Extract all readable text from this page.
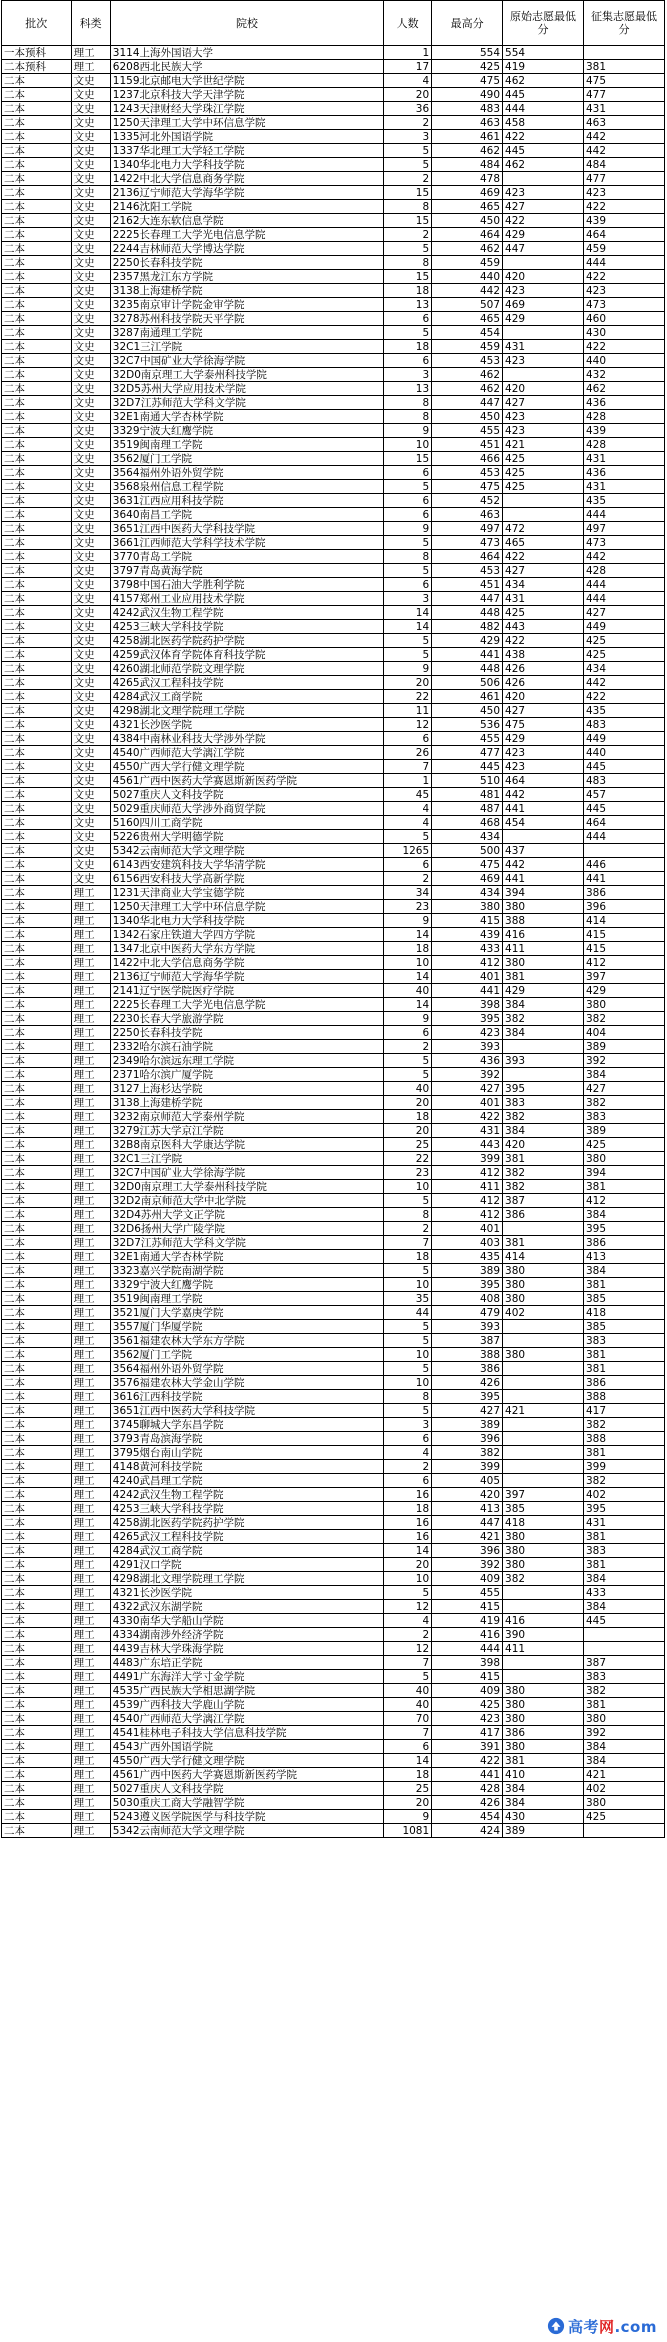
批次	科类	院校	人数	最高分	原始志愿最低分	征集志愿最低分
一本预科	理工	3114上海外国语大学	1	554	554	
二本预科	理工	6208西北民族大学	17	425	419	381
二本	文史	1159北京邮电大学世纪学院	4	475	462	475
二本	文史	1237北京科技大学天津学院	20	490	445	477
二本	文史	1243天津财经大学珠江学院	36	483	444	431
二本	文史	1250天津理工大学中环信息学院	2	463	458	463
二本	文史	1335河北外国语学院	3	461	422	442
二本	文史	1337华北理工大学轻工学院	5	462	445	442
二本	文史	1340华北电力大学科技学院	5	484	462	484
二本	文史	1422中北大学信息商务学院	2	478		477
二本	文史	2136辽宁师范大学海华学院	15	469	423	423
二本	文史	2146沈阳工学院	8	465	427	422
二本	文史	2162大连东软信息学院	15	450	422	439
二本	文史	2225长春理工大学光电信息学院	2	464	429	464
二本	文史	2244吉林师范大学博达学院	5	462	447	459
二本	文史	2250长春科技学院	8	459		444
二本	文史	2357黑龙江东方学院	15	440	420	422
二本	文史	3138上海建桥学院	18	442	423	423
二本	文史	3235南京审计学院金审学院	13	507	469	473
二本	文史	3278苏州科技学院天平学院	6	465	429	460
二本	文史	3287南通理工学院	5	454		430
二本	文史	32C1三江学院	18	459	431	422
二本	文史	32C7中国矿业大学徐海学院	6	453	423	440
二本	文史	32D0南京理工大学泰州科技学院	3	462		432
二本	文史	32D5苏州大学应用技术学院	13	462	420	462
二本	文史	32D7江苏师范大学科文学院	8	447	427	436
二本	文史	32E1南通大学杏林学院	8	450	423	428
二本	文史	3329宁波大红鹰学院	9	455	423	439
二本	文史	3519闽南理工学院	10	451	421	428
二本	文史	3562厦门工学院	15	466	425	431
二本	文史	3564福州外语外贸学院	6	453	425	436
二本	文史	3568泉州信息工程学院	5	475	425	431
二本	文史	3631江西应用科技学院	6	452		435
二本	文史	3640南昌工学院	6	463		444
二本	文史	3651江西中医药大学科技学院	9	497	472	497
二本	文史	3661江西师范大学科学技术学院	5	473	465	473
二本	文史	3770青岛工学院	8	464	422	442
二本	文史	3797青岛黄海学院	5	453	427	428
二本	文史	3798中国石油大学胜利学院	6	451	434	444
二本	文史	4157郑州工业应用技术学院	3	447	431	444
二本	文史	4242武汉生物工程学院	14	448	425	427
二本	文史	4253三峡大学科技学院	14	482	443	449
二本	文史	4258湖北医药学院药护学院	5	429	422	425
二本	文史	4259武汉体育学院体育科技学院	5	441	438	425
二本	文史	4260湖北师范学院文理学院	9	448	426	434
二本	文史	4265武汉工程科技学院	20	506	426	442
二本	文史	4284武汉工商学院	22	461	420	422
二本	文史	4298湖北文理学院理工学院	11	450	427	435
二本	文史	4321长沙医学院	12	536	475	483
二本	文史	4384中南林业科技大学涉外学院	6	455	429	449
二本	文史	4540广西师范大学漓江学院	26	477	423	440
二本	文史	4550广西大学行健文理学院	7	445	423	445
二本	文史	4561广西中医药大学赛恩斯新医药学院	1	510	464	483
二本	文史	5027重庆人文科技学院	45	481	442	457
二本	文史	5029重庆师范大学涉外商贸学院	4	487	441	445
二本	文史	5160四川工商学院	4	468	454	464
二本	文史	5226贵州大学明德学院	5	434		444
二本	文史	5342云南师范大学文理学院	1265	500	437	
二本	文史	6143西安建筑科技大学华清学院	6	475	442	446
二本	文史	6156西安科技大学高新学院	2	469	441	441
二本	理工	1231天津商业大学宝德学院	34	434	394	386
二本	理工	1250天津理工大学中环信息学院	23	380	380	396
二本	理工	1340华北电力大学科技学院	9	415	388	414
二本	理工	1342石家庄铁道大学四方学院	14	439	416	415
二本	理工	1347北京中医药大学东方学院	18	433	411	415
二本	理工	1422中北大学信息商务学院	10	412	380	412
二本	理工	2136辽宁师范大学海华学院	14	401	381	397
二本	理工	2141辽宁医学院医疗学院	40	441	429	429
二本	理工	2225长春理工大学光电信息学院	14	398	384	380
二本	理工	2230长春大学旅游学院	9	395	382	382
二本	理工	2250长春科技学院	6	423	384	404
二本	理工	2332哈尔滨石油学院	2	393		389
二本	理工	2349哈尔滨远东理工学院	5	436	393	392
二本	理工	2371哈尔滨广厦学院	5	392		384
二本	理工	3127上海杉达学院	40	427	395	427
二本	理工	3138上海建桥学院	20	401	383	382
二本	理工	3232南京师范大学泰州学院	18	422	382	383
二本	理工	3279江苏大学京江学院	20	431	384	389
二本	理工	32B8南京医科大学康达学院	25	443	420	425
二本	理工	32C1三江学院	22	399	381	380
二本	理工	32C7中国矿业大学徐海学院	23	412	382	394
二本	理工	32D0南京理工大学泰州科技学院	10	411	382	381
二本	理工	32D2南京师范大学中北学院	5	412	387	412
二本	理工	32D4苏州大学文正学院	8	412	386	384
二本	理工	32D6扬州大学广陵学院	2	401		395
二本	理工	32D7江苏师范大学科文学院	7	403	381	386
二本	理工	32E1南通大学杏林学院	18	435	414	413
二本	理工	3323嘉兴学院南湖学院	5	389	380	384
二本	理工	3329宁波大红鹰学院	10	395	380	381
二本	理工	3519闽南理工学院	35	408	380	385
二本	理工	3521厦门大学嘉庚学院	44	479	402	418
二本	理工	3557厦门华厦学院	5	393		385
二本	理工	3561福建农林大学东方学院	5	387		383
二本	理工	3562厦门工学院	10	388	380	381
二本	理工	3564福州外语外贸学院	5	386		381
二本	理工	3576福建农林大学金山学院	10	426		386
二本	理工	3616江西科技学院	8	395		388
二本	理工	3651江西中医药大学科技学院	5	427	421	417
二本	理工	3745聊城大学东昌学院	3	389		382
二本	理工	3793青岛滨海学院	6	396		388
二本	理工	3795烟台南山学院	4	382		381
二本	理工	4148黄河科技学院	2	399		399
二本	理工	4240武昌理工学院	6	405		382
二本	理工	4242武汉生物工程学院	16	420	397	402
二本	理工	4253三峡大学科技学院	18	413	385	395
二本	理工	4258湖北医药学院药护学院	16	447	418	431
二本	理工	4265武汉工程科技学院	16	421	380	381
二本	理工	4284武汉工商学院	14	396	380	383
二本	理工	4291汉口学院	20	392	380	381
二本	理工	4298湖北文理学院理工学院	10	409	382	384
二本	理工	4321长沙医学院	5	455		433
二本	理工	4322武汉东湖学院	12	415		384
二本	理工	4330南华大学船山学院	4	419	416	445
二本	理工	4334湖南涉外经济学院	2	416	390	
二本	理工	4439吉林大学珠海学院	12	444	411	
二本	理工	4483广东培正学院	7	398		387
二本	理工	4491广东海洋大学寸金学院	5	415		383
二本	理工	4535广西民族大学相思湖学院	40	409	380	382
二本	理工	4539广西科技大学鹿山学院	40	425	380	381
二本	理工	4540广西师范大学漓江学院	70	423	380	380
二本	理工	4541桂林电子科技大学信息科技学院	7	417	386	392
二本	理工	4543广西外国语学院	6	391	380	384
二本	理工	4550广西大学行健文理学院	14	422	381	384
二本	理工	4561广西中医药大学赛恩斯新医药学院	18	441	410	421
二本	理工	5027重庆人文科技学院	25	428	384	402
二本	理工	5030重庆工商大学融智学院	20	426	384	380
二本	理工	5243遵义医学院医学与科技学院	9	454	430	425
二本	理工	5342云南师范大学文理学院	1081	424	389	
高考网.com
